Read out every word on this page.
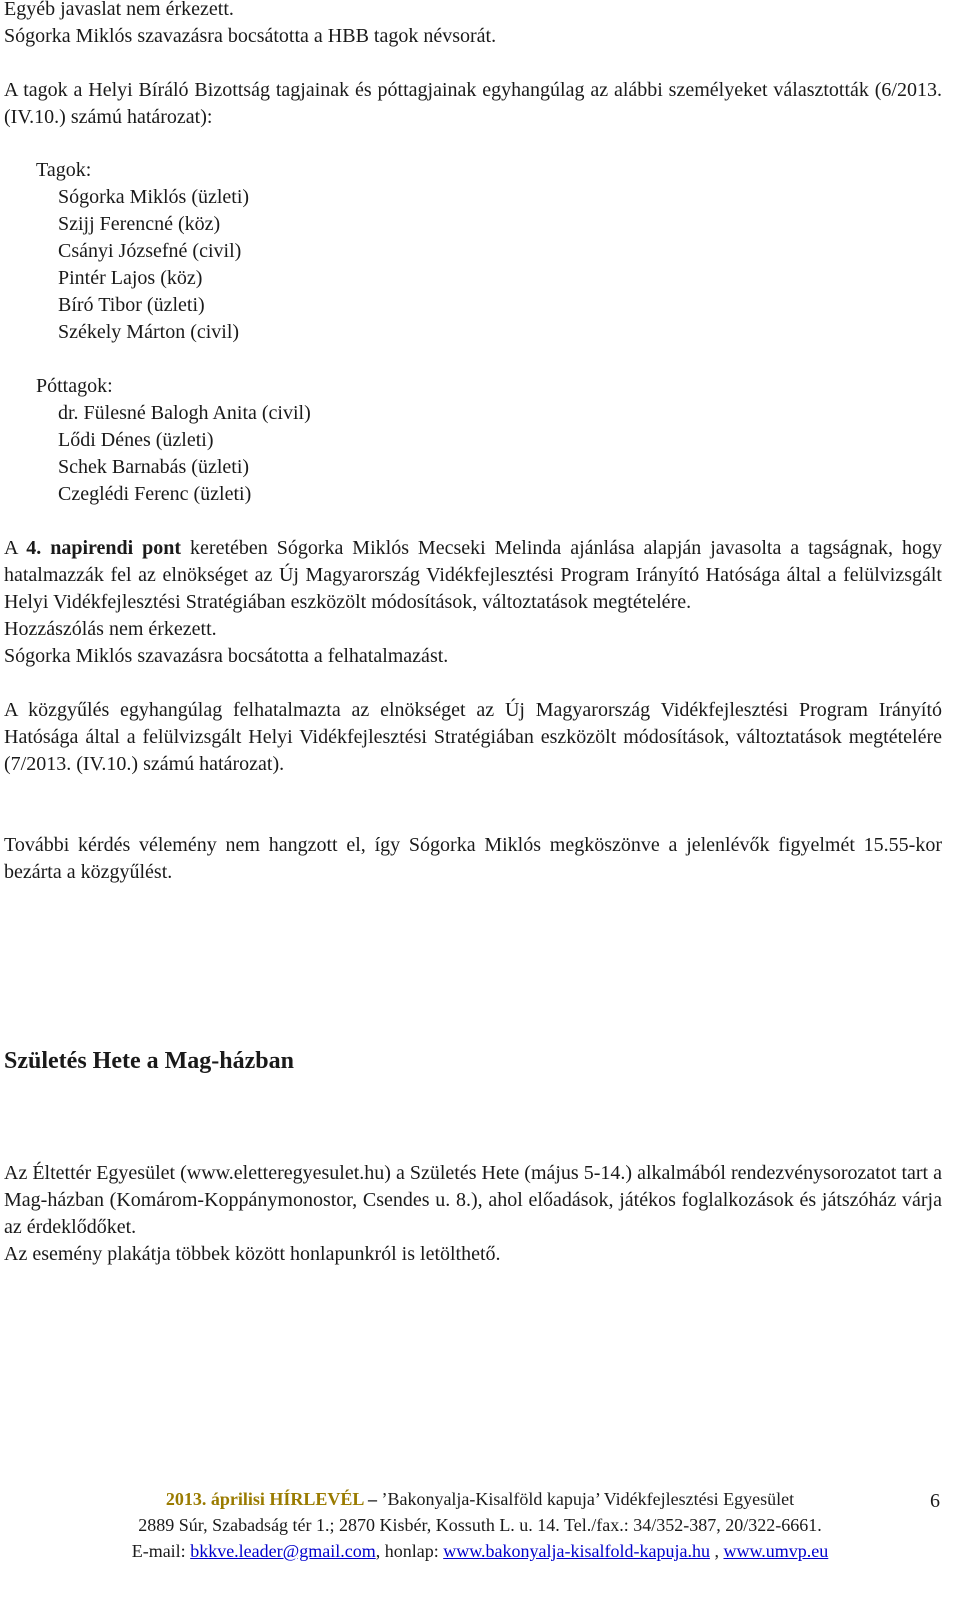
Egyéb javaslat nem érkezett.

Sógorka Miklós szavazásra bocsátotta a HBB tagok névsorát.

A tagok a Helyi Bíráló Bizottság tagjainak és póttagjainak egyhangúlag az alábbi személyeket választották (6/2013. (IV.10.) számú határozat):

Tagok:

Sógorka Miklós (üzleti)

Szijj Ferencné (köz)

Csányi Józsefné (civil)

Pintér Lajos (köz)

Bíró Tibor (üzleti)

Székely Márton (civil)

Póttagok:

dr. Fülesné Balogh Anita (civil)

Lődi Dénes (üzleti)

Schek Barnabás (üzleti)

Czeglédi Ferenc (üzleti)

A 4. napirendi pont keretében Sógorka Miklós Mecseki Melinda ajánlása alapján javasolta a tagságnak, hogy hatalmazzák fel az elnökséget az Új Magyarország Vidékfejlesztési Program Irányító Hatósága által a felülvizsgált Helyi Vidékfejlesztési Stratégiában eszközölt módosítások, változtatások megtételére.

Hozzászólás nem érkezett.

Sógorka Miklós szavazásra bocsátotta a felhatalmazást.

A közgyűlés egyhangúlag felhatalmazta az elnökséget az Új Magyarország Vidékfejlesztési Program Irányító Hatósága által a felülvizsgált Helyi Vidékfejlesztési Stratégiában eszközölt módosítások, változtatások megtételére (7/2013. (IV.10.) számú határozat).

További kérdés vélemény nem hangzott el, így Sógorka Miklós megköszönve a jelenlévők figyelmét 15.55-kor bezárta a közgyűlést.

Születés Hete a Mag-házban

Az Éltettér Egyesület (www.eletteregyesulet.hu) a Születés Hete (május 5-14.) alkalmából rendezvénysorozatot tart a Mag-házban (Komárom-Koppánymonostor, Csendes u. 8.), ahol előadások, játékos foglalkozások és játszóház várja az érdeklődőket.

Az esemény plakátja többek között honlapunkról is letölthető.

2013. áprilisi HÍRLEVÉL – ’Bakonyalja-Kisalföld kapuja’ Vidékfejlesztési Egyesület
2889 Súr, Szabadság tér 1.; 2870 Kisbér, Kossuth L. u. 14. Tel./fax.: 34/352-387, 20/322-6661.
E-mail: bkkve.leader@gmail.com, honlap: www.bakonyalja-kisalfold-kapuja.hu , www.umvp.eu
6
